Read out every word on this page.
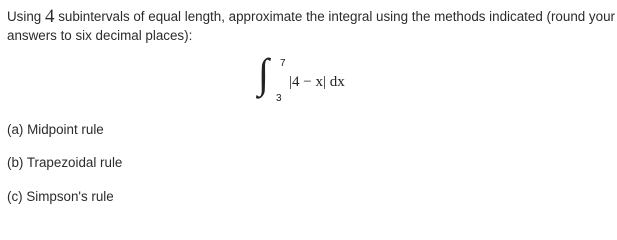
Using 4 subintervals of equal length, approximate the integral using the methods indicated (round your answers to six decimal places):
∫ 7
3
|4 − x| dx
(a) Midpoint rule
(b) Trapezoidal rule
(c) Simpson's rule
